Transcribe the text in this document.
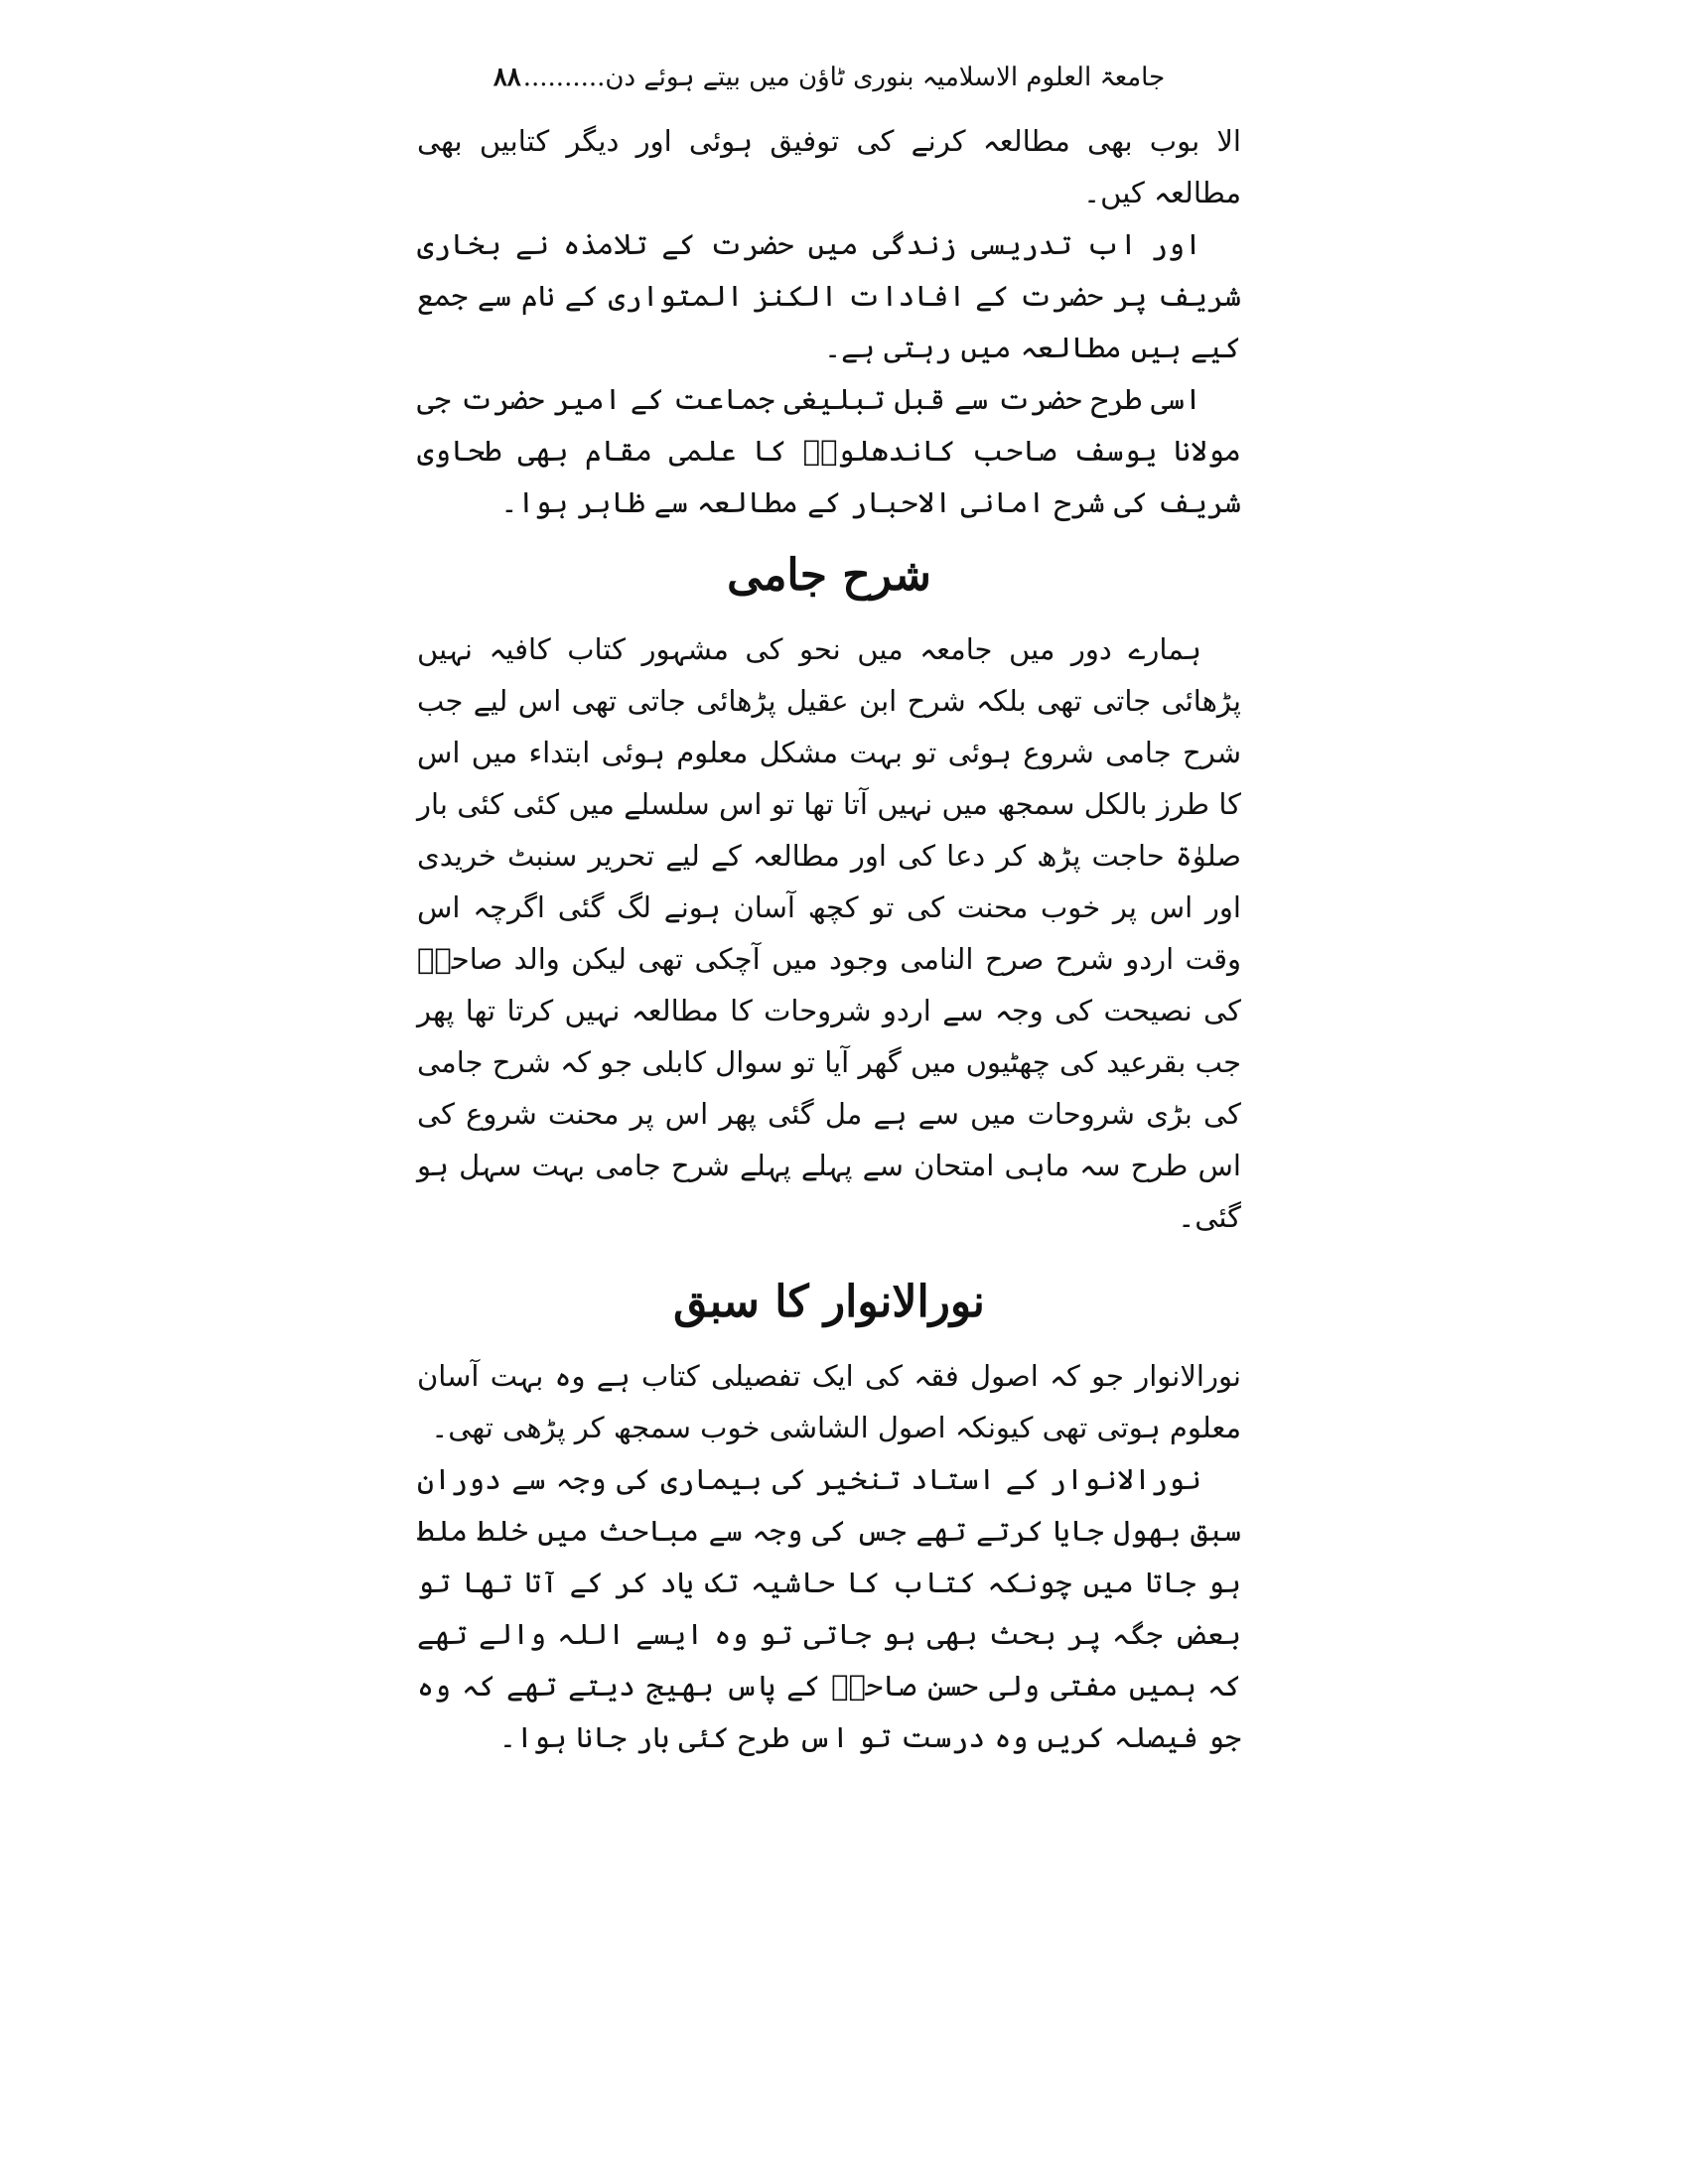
جامعۃ العلوم الاسلامیہ بنوری ٹاؤن میں بیتے ہوئے دن..........۸۸

الا بوب بھی مطالعہ کرنے کی توفیق ہوئی اور دیگر کتابیں بھی مطالعہ کیں۔

اور اب تدریسی زندگی میں حضرت کے تلامذہ نے بخاری شریف پر حضرت کے افادات الکنز المتواری کے نام سے جمع کیے ہیں مطالعہ میں رہتی ہے۔

اسی طرح حضرت سے قبل تبلیغی جماعت کے امیر حضرت جی مولانا یوسف صاحب کاندھلویؒ کا علمی مقام بھی طحاوی شریف کی شرح امانی الاحبار کے مطالعہ سے ظاہر ہوا۔

شرح جامی

ہمارے دور میں جامعہ میں نحو کی مشہور کتاب کافیہ نہیں پڑھائی جاتی تھی بلکہ شرح ابن عقیل پڑھائی جاتی تھی اس لیے جب شرح جامی شروع ہوئی تو بہت مشکل معلوم ہوئی ابتداء میں اس کا طرز بالکل سمجھ میں نہیں آتا تھا تو اس سلسلے میں کئی کئی بار صلوٰۃ حاجت پڑھ کر دعا کی اور مطالعہ کے لیے تحریر سنبٹ خریدی اور اس پر خوب محنت کی تو کچھ آسان ہونے لگ گئی اگرچہ اس وقت اردو شرح صرح النامی وجود میں آچکی تھی لیکن والد صاحبؒ کی نصیحت کی وجہ سے اردو شروحات کا مطالعہ نہیں کرتا تھا پھر جب بقرعید کی چھٹیوں میں گھر آیا تو سوال کابلی جو کہ شرح جامی کی بڑی شروحات میں سے ہے مل گئی پھر اس پر محنت شروع کی اس طرح سہ ماہی امتحان سے پہلے پہلے شرح جامی بہت سہل ہو گئی۔

نورالانوار کا سبق

نورالانوار جو کہ اصول فقہ کی ایک تفصیلی کتاب ہے وہ بہت آسان معلوم ہوتی تھی کیونکہ اصول الشاشی خوب سمجھ کر پڑھی تھی۔

نورالانوار کے استاد تنخیر کی بیماری کی وجہ سے دوران سبق بھول جایا کرتے تھے جس کی وجہ سے مباحث میں خلط ملط ہو جاتا میں چونکہ کتاب کا حاشیہ تک یاد کر کے آتا تھا تو بعض جگہ پر بحث بھی ہو جاتی تو وہ ایسے اللہ والے تھے کہ ہمیں مفتی ولی حسن صاحبؒ کے پاس بھیج دیتے تھے کہ وہ جو فیصلہ کریں وہ درست تو اس طرح کئی بار جانا ہوا۔
